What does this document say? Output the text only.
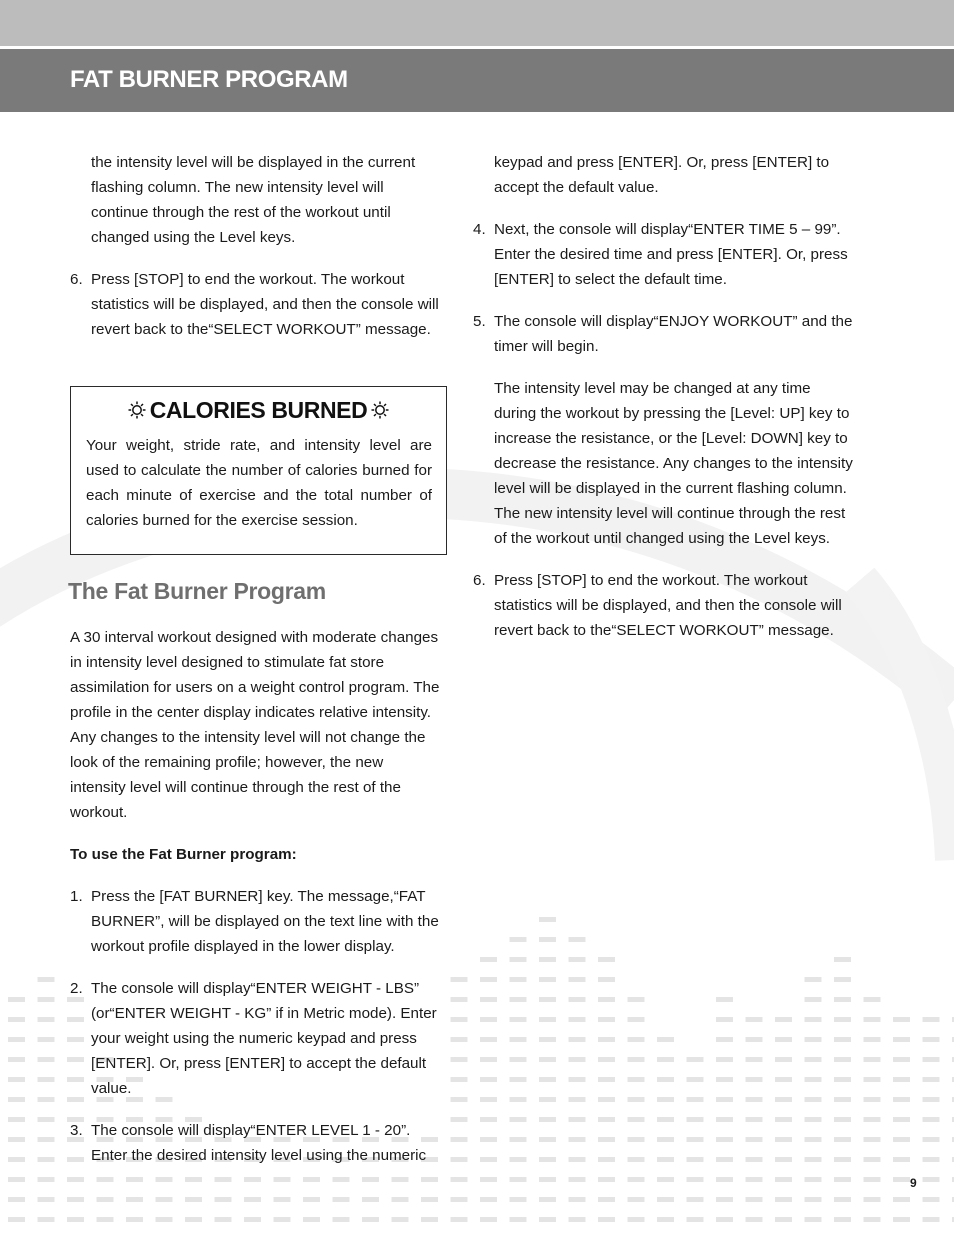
FAT BURNER PROGRAM

the intensity level will be displayed in the current flashing column. The new intensity level will continue through the rest of the workout until changed using the Level keys.

6. Press [STOP] to end the workout. The workout statistics will be displayed, and then the console will revert back to the“SELECT WORKOUT” message.
CALORIES BURNED

Your weight, stride rate, and intensity level are used to calculate the number of calories burned for each minute of exercise and the total number of calories burned for the exercise session.

The Fat Burner Program

A 30 interval workout designed with moderate changes in intensity level designed to stimulate fat store assimilation for users on a weight control program. The profile in the center display indicates relative intensity. Any changes to the intensity level will not change the look of the remaining profile; however, the new intensity level will continue through the rest of the workout.

To use the Fat Burner program:

1. Press the [FAT BURNER] key. The message,“FAT BURNER”, will be displayed on the text line with the workout profile displayed in the lower display.
2. The console will display“ENTER WEIGHT - LBS” (or“ENTER WEIGHT - KG” if in Metric mode). Enter your weight using the numeric keypad and press [ENTER]. Or, press [ENTER] to accept the default value.
3. The console will display“ENTER LEVEL 1 - 20”. Enter the desired intensity level using the numeric

keypad and press [ENTER]. Or, press [ENTER] to accept the default value.

4. Next, the console will display“ENTER TIME 5 – 99”. Enter the desired time and press [ENTER]. Or, press [ENTER] to select the default time.
5. The console will display“ENJOY WORKOUT” and the timer will begin.

The intensity level may be changed at any time during the workout by pressing the [Level: UP] key to increase the resistance, or the [Level: DOWN] key to decrease the resistance. Any changes to the intensity level will be displayed in the current flashing column. The new intensity level will continue through the rest of the workout until changed using the Level keys.

6. Press [STOP] to end the workout. The workout statistics will be displayed, and then the console will revert back to the“SELECT WORKOUT” message.
9
